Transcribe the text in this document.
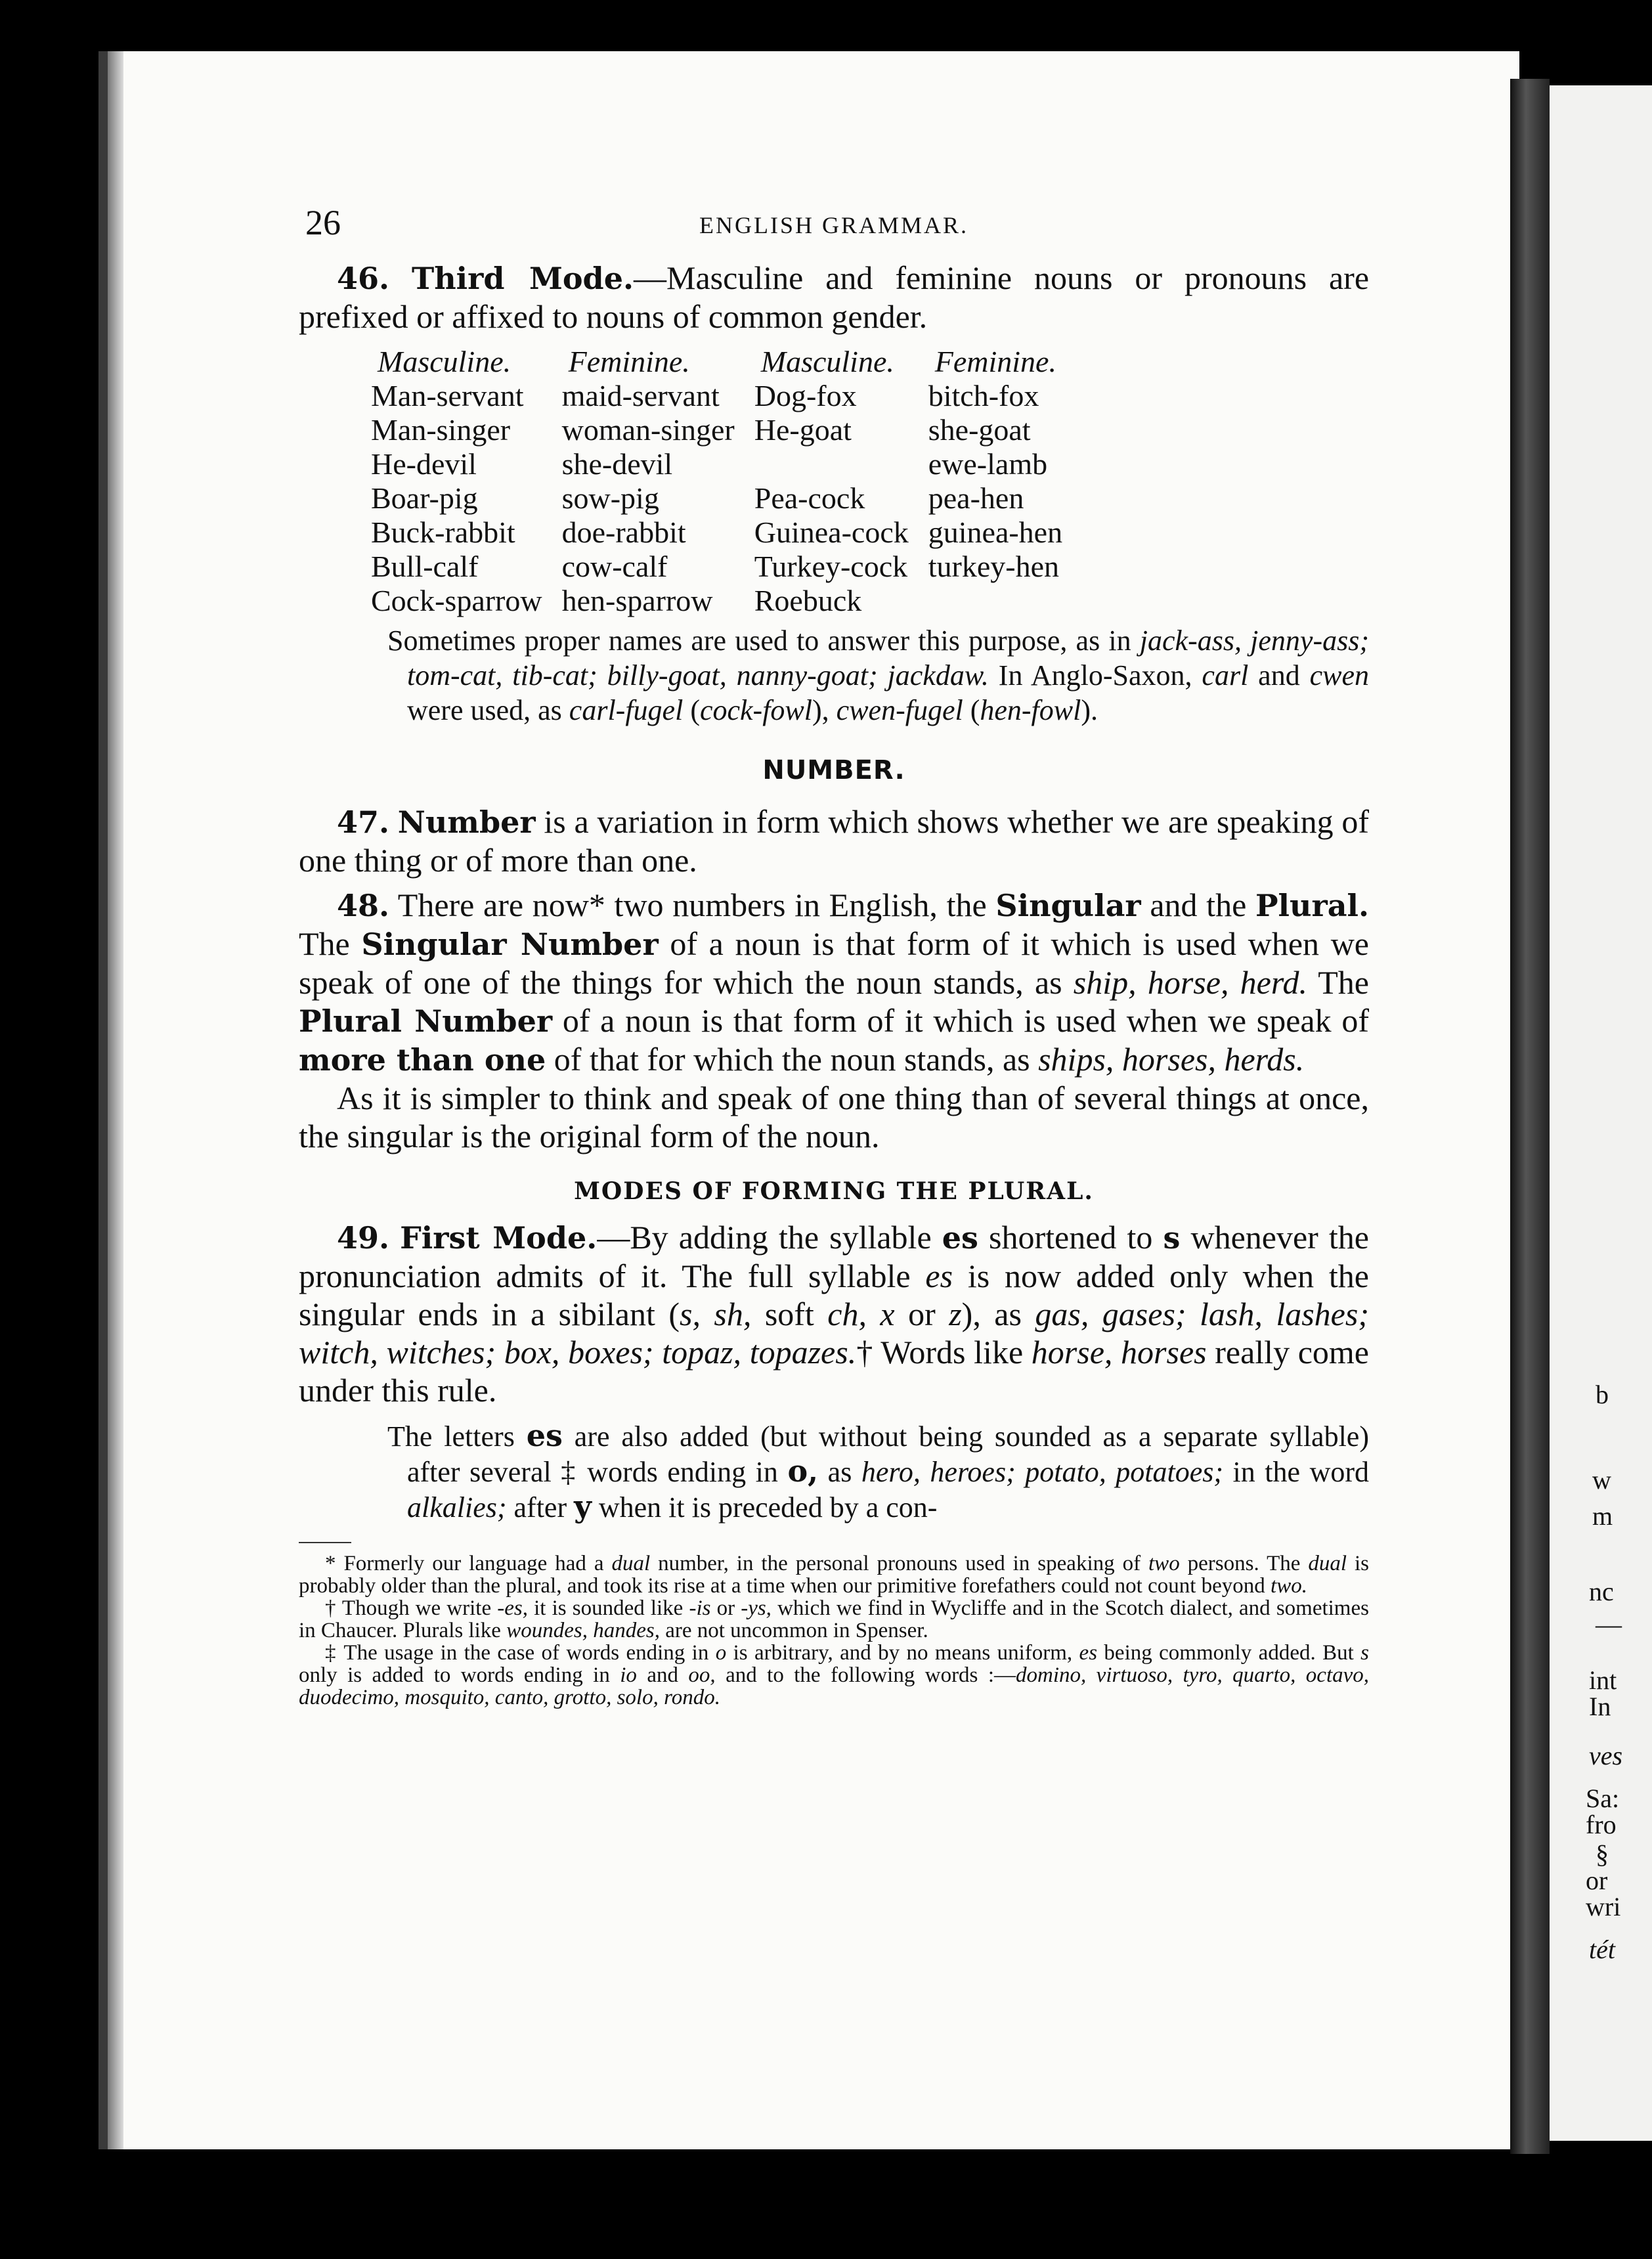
b
w
m
nc
—
int
In
ves
Sa:
fro
§
or
wri
tét
26	ENGLISH GRAMMAR.

46. Third Mode.—Masculine and feminine nouns or pronouns are prefixed or affixed to nouns of common gender.

Masculine.	Feminine.	Masculine.	Feminine.
Man-servant	maid-servant	Dog-fox	bitch-fox
Man-singer	woman-singer	He-goat	she-goat
He-devil	she-devil		ewe-lamb
Boar-pig	sow-pig	Pea-cock	pea-hen
Buck-rabbit	doe-rabbit	Guinea-cock	guinea-hen
Bull-calf	cow-calf	Turkey-cock	turkey-hen
Cock-sparrow	hen-sparrow	Roebuck	

Sometimes proper names are used to answer this purpose, as in jack-ass, jenny-ass; tom-cat, tib-cat; billy-goat, nanny-goat; jackdaw. In Anglo-Saxon, carl and cwen were used, as carl-fugel (cock-fowl), cwen-fugel (hen-fowl).

NUMBER.

47. Number is a variation in form which shows whether we are speaking of one thing or of more than one.

48. There are now* two numbers in English, the Singular and the Plural. The Singular Number of a noun is that form of it which is used when we speak of one of the things for which the noun stands, as ship, horse, herd. The Plural Number of a noun is that form of it which is used when we speak of more than one of that for which the noun stands, as ships, horses, herds.

As it is simpler to think and speak of one thing than of several things at once, the singular is the original form of the noun.

MODES OF FORMING THE PLURAL.

49. First Mode.—By adding the syllable es shortened to s whenever the pronunciation admits of it. The full syllable es is now added only when the singular ends in a sibilant (s, sh, soft ch, x or z), as gas, gases; lash, lashes; witch, witches; box, boxes; topaz, topazes.† Words like horse, horses really come under this rule.

The letters es are also added (but without being sounded as a separate syllable) after several ‡ words ending in o, as hero, heroes; potato, potatoes; in the word alkalies; after y when it is preceded by a con-

* Formerly our language had a dual number, in the personal pronouns used in speaking of two persons. The dual is probably older than the plural, and took its rise at a time when our primitive forefathers could not count beyond two.

† Though we write -es, it is sounded like -is or -ys, which we find in Wycliffe and in the Scotch dialect, and sometimes in Chaucer. Plurals like woundes, handes, are not uncommon in Spenser.

‡ The usage in the case of words ending in o is arbitrary, and by no means uniform, es being commonly added. But s only is added to words ending in io and oo, and to the following words :—domino, virtuoso, tyro, quarto, octavo, duodecimo, mosquito, canto, grotto, solo, rondo.
